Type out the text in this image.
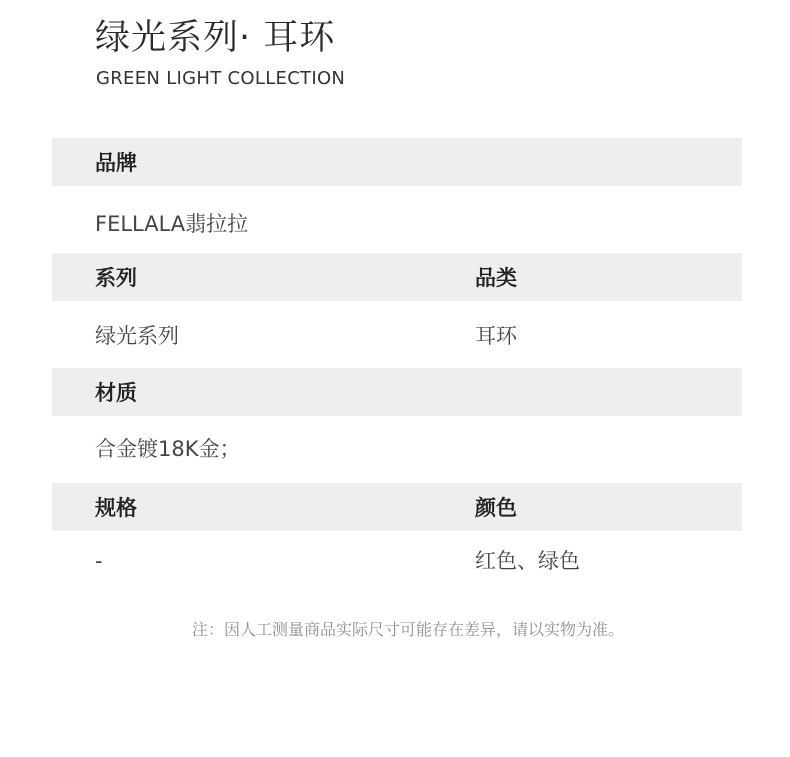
绿光系列· 耳环
GREEN LIGHT COLLECTION
品牌
FELLALA翡拉拉
系列	品类
绿光系列	耳环
材质
合金镀18K金；
规格	颜色
-	红色、绿色
注：因人工测量商品实际尺寸可能存在差异，请以实物为准。
